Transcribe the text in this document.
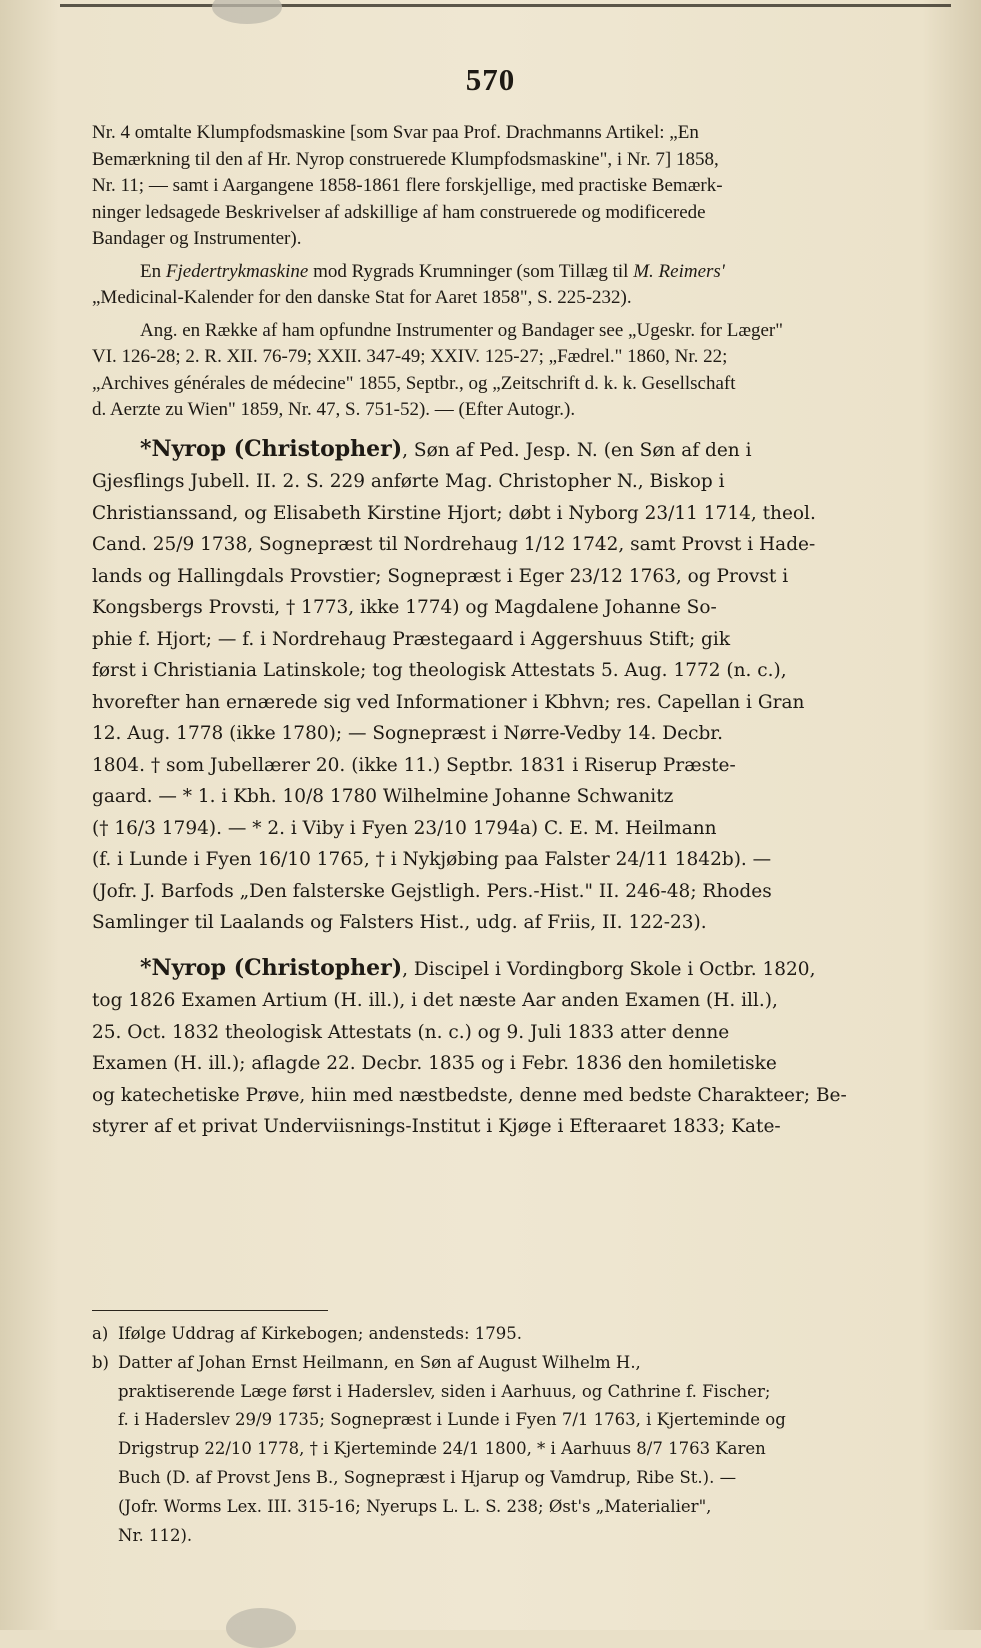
570
Nr. 4 omtalte Klumpfodsmaskine [som Svar paa Prof. Drachmanns Artikel: „En
Bemærkning til den af Hr. Nyrop construerede Klumpfodsmaskine", i Nr. 7] 1858,
Nr. 11; — samt i Aargangene 1858-1861 flere forskjellige, med practiske Bemærk-
ninger ledsagede Beskrivelser af adskillige af ham construerede og modificerede
Bandager og Instrumenter).
En Fjedertrykmaskine mod Rygrads Krumninger (som Tillæg til M. Reimers'
„Medicinal-Kalender for den danske Stat for Aaret 1858", S. 225-232).
Ang. en Række af ham opfundne Instrumenter og Bandager see „Ugeskr. for Læger"
VI. 126-28; 2. R. XII. 76-79; XXII. 347-49; XXIV. 125-27; „Fædrel." 1860, Nr. 22;
„Archives générales de médecine" 1855, Septbr., og „Zeitschrift d. k. k. Gesellschaft
d. Aerzte zu Wien" 1859, Nr. 47, S. 751-52). — (Efter Autogr.).
*Nyrop (Christopher), Søn af Ped. Jesp. N. (en Søn af den i
Gjesflings Jubell. II. 2. S. 229 anførte Mag. Christopher N., Biskop i
Christianssand, og Elisabeth Kirstine Hjort; døbt i Nyborg 23/11 1714, theol.
Cand. 25/9 1738, Sognepræst til Nordrehaug 1/12 1742, samt Provst i Hade-
lands og Hallingdals Provstier; Sognepræst i Eger 23/12 1763, og Provst i
Kongsbergs Provsti, † 1773, ikke 1774) og Magdalene Johanne So-
phie f. Hjort; — f. i Nordrehaug Præstegaard i Aggershuus Stift; gik
først i Christiania Latinskole; tog theologisk Attestats 5. Aug. 1772 (n. c.),
hvorefter han ernærede sig ved Informationer i Kbhvn; res. Capellan i Gran
12. Aug. 1778 (ikke 1780); — Sognepræst i Nørre-Vedby 14. Decbr.
1804. † som Jubellærer 20. (ikke 11.) Septbr. 1831 i Riserup Præste-
gaard. — * 1. i Kbh. 10/8 1780 Wilhelmine Johanne Schwanitz
(† 16/3 1794). — * 2. i Viby i Fyen 23/10 1794a) C. E. M. Heilmann
(f. i Lunde i Fyen 16/10 1765, † i Nykjøbing paa Falster 24/11 1842b). —
(Jofr. J. Barfods „Den falsterske Gejstligh. Pers.-Hist." II. 246-48; Rhodes
Samlinger til Laalands og Falsters Hist., udg. af Friis, II. 122-23).
*Nyrop (Christopher), Discipel i Vordingborg Skole i Octbr. 1820,
tog 1826 Examen Artium (H. ill.), i det næste Aar anden Examen (H. ill.),
25. Oct. 1832 theologisk Attestats (n. c.) og 9. Juli 1833 atter denne
Examen (H. ill.); aflagde 22. Decbr. 1835 og i Febr. 1836 den homiletiske
og katechetiske Prøve, hiin med næstbedste, denne med bedste Charakteer; Be-
styrer af et privat Underviisnings-Institut i Kjøge i Efteraaret 1833; Kate-
a) Ifølge Uddrag af Kirkebogen; andensteds: 1795.
b) Datter af Johan Ernst Heilmann, en Søn af August Wilhelm H.,
praktiserende Læge først i Haderslev, siden i Aarhuus, og Cathrine f. Fischer;
f. i Haderslev 29/9 1735; Sognepræst i Lunde i Fyen 7/1 1763, i Kjerteminde og
Drigstrup 22/10 1778, † i Kjerteminde 24/1 1800, * i Aarhuus 8/7 1763 Karen
Buch (D. af Provst Jens B., Sognepræst i Hjarup og Vamdrup, Ribe St.). —
(Jofr. Worms Lex. III. 315-16; Nyerups L. L. S. 238; Øst's „Materialier",
Nr. 112).
